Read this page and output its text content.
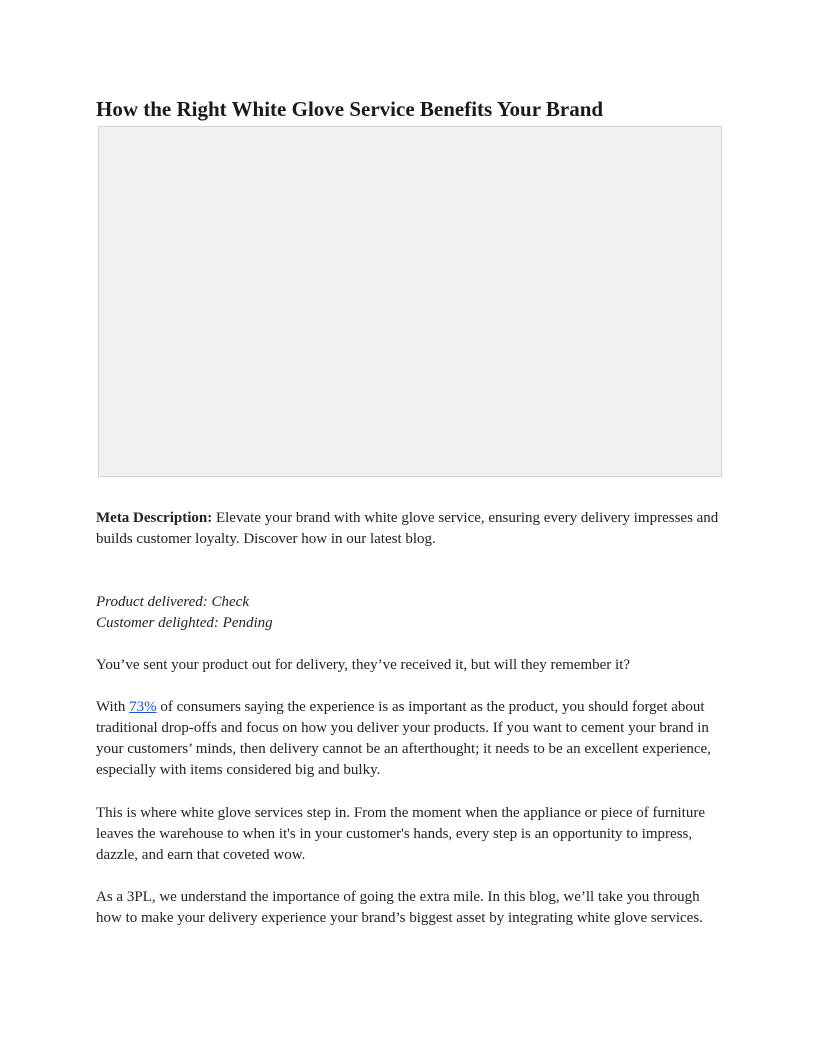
How the Right White Glove Service Benefits Your Brand

Meta Description: Elevate your brand with white glove service, ensuring every delivery impresses and builds customer loyalty. Discover how in our latest blog.

Product delivered: Check
Customer delighted: Pending

You’ve sent your product out for delivery, they’ve received it, but will they remember it?

With 73% of consumers saying the experience is as important as the product, you should forget about traditional drop-offs and focus on how you deliver your products. If you want to cement your brand in your customers’ minds, then delivery cannot be an afterthought; it needs to be an excellent experience, especially with items considered big and bulky.

This is where white glove services step in. From the moment when the appliance or piece of furniture leaves the warehouse to when it's in your customer's hands, every step is an opportunity to impress, dazzle, and earn that coveted wow.

As a 3PL, we understand the importance of going the extra mile. In this blog, we’ll take you through how to make your delivery experience your brand’s biggest asset by integrating white glove services.
